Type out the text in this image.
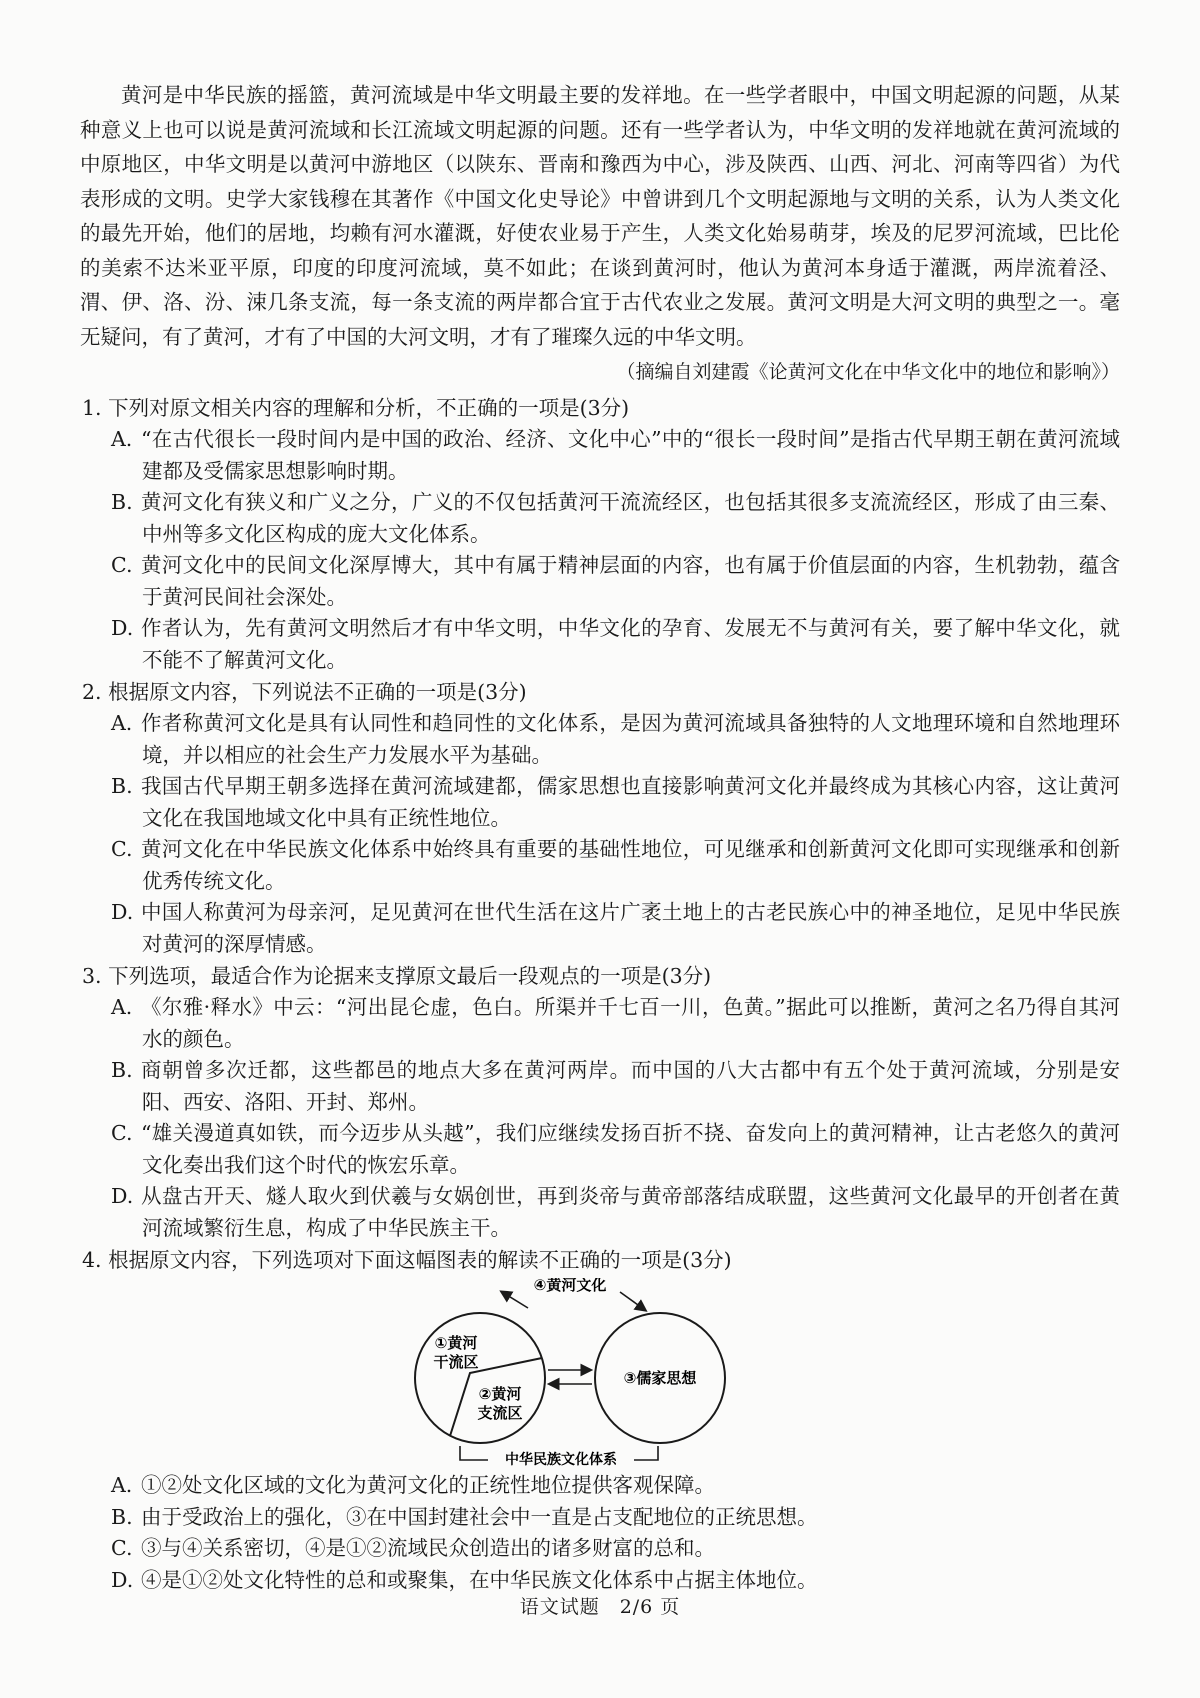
黄河是中华民族的摇篮，黄河流域是中华文明最主要的发祥地。在一些学者眼中，中国文明起源的问题，从某种意义上也可以说是黄河流域和长江流域文明起源的问题。还有一些学者认为，中华文明的发祥地就在黄河流域的中原地区，中华文明是以黄河中游地区（以陕东、晋南和豫西为中心，涉及陕西、山西、河北、河南等四省）为代表形成的文明。史学大家钱穆在其著作《中国文化史导论》中曾讲到几个文明起源地与文明的关系，认为人类文化的最先开始，他们的居地，均赖有河水灌溉，好使农业易于产生，人类文化始易萌芽，埃及的尼罗河流域，巴比伦的美索不达米亚平原，印度的印度河流域，莫不如此；在谈到黄河时，他认为黄河本身适于灌溉，两岸流着泾、渭、伊、洛、汾、涑几条支流，每一条支流的两岸都合宜于古代农业之发展。黄河文明是大河文明的典型之一。毫无疑问，有了黄河，才有了中国的大河文明，才有了璀璨久远的中华文明。

（摘编自刘建霞《论黄河文化在中华文化中的地位和影响》）
1. 下列对原文相关内容的理解和分析，不正确的一项是(3分)
A. “在古代很长一段时间内是中国的政治、经济、文化中心”中的“很长一段时间”是指古代早期王朝在黄河流域建都及受儒家思想影响时期。
B. 黄河文化有狭义和广义之分，广义的不仅包括黄河干流流经区，也包括其很多支流流经区，形成了由三秦、中州等多文化区构成的庞大文化体系。
C. 黄河文化中的民间文化深厚博大，其中有属于精神层面的内容，也有属于价值层面的内容，生机勃勃，蕴含于黄河民间社会深处。
D. 作者认为，先有黄河文明然后才有中华文明，中华文化的孕育、发展无不与黄河有关，要了解中华文化，就不能不了解黄河文化。
2. 根据原文内容，下列说法不正确的一项是(3分)
A. 作者称黄河文化是具有认同性和趋同性的文化体系，是因为黄河流域具备独特的人文地理环境和自然地理环境，并以相应的社会生产力发展水平为基础。
B. 我国古代早期王朝多选择在黄河流域建都，儒家思想也直接影响黄河文化并最终成为其核心内容，这让黄河文化在我国地域文化中具有正统性地位。
C. 黄河文化在中华民族文化体系中始终具有重要的基础性地位，可见继承和创新黄河文化即可实现继承和创新优秀传统文化。
D. 中国人称黄河为母亲河，足见黄河在世代生活在这片广袤土地上的古老民族心中的神圣地位，足见中华民族对黄河的深厚情感。
3. 下列选项，最适合作为论据来支撑原文最后一段观点的一项是(3分)
A. 《尔雅·释水》中云：“河出昆仑虚，色白。所渠并千七百一川，色黄。”据此可以推断，黄河之名乃得自其河水的颜色。
B. 商朝曾多次迁都，这些都邑的地点大多在黄河两岸。而中国的八大古都中有五个处于黄河流域，分别是安阳、西安、洛阳、开封、郑州。
C. “雄关漫道真如铁，而今迈步从头越”，我们应继续发扬百折不挠、奋发向上的黄河精神，让古老悠久的黄河文化奏出我们这个时代的恢宏乐章。
D. 从盘古开天、燧人取火到伏羲与女娲创世，再到炎帝与黄帝部落结成联盟，这些黄河文化最早的开创者在黄河流域繁衍生息，构成了中华民族主干。
4. 根据原文内容，下列选项对下面这幅图表的解读不正确的一项是(3分)
④黄河文化
①黄河
干流区
②黄河
支流区
③儒家思想
中华民族文化体系
A. ①②处文化区域的文化为黄河文化的正统性地位提供客观保障。
B. 由于受政治上的强化，③在中国封建社会中一直是占支配地位的正统思想。
C. ③与④关系密切，④是①②流域民众创造出的诸多财富的总和。
D. ④是①②处文化特性的总和或聚集，在中华民族文化体系中占据主体地位。
语文试题　2/6 页
